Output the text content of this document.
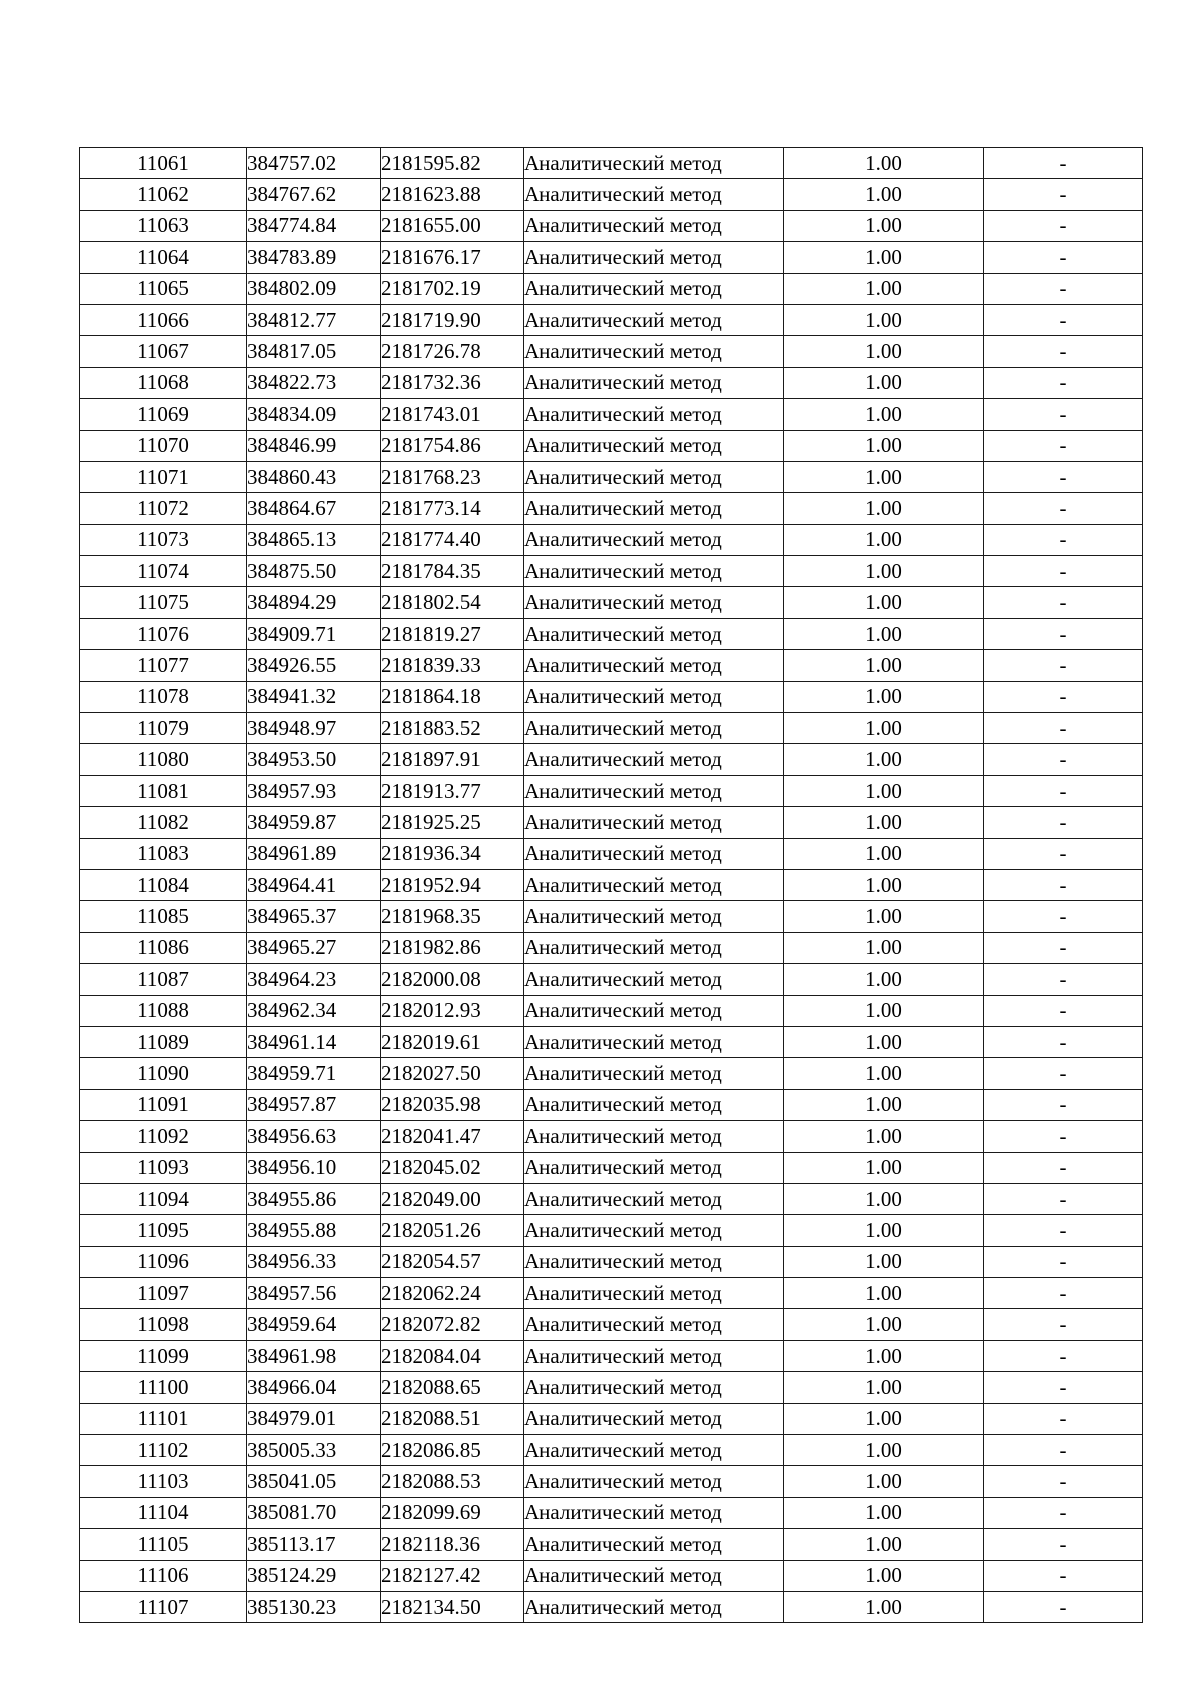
11061	384757.02	2181595.82	Аналитический метод	1.00	-
11062	384767.62	2181623.88	Аналитический метод	1.00	-
11063	384774.84	2181655.00	Аналитический метод	1.00	-
11064	384783.89	2181676.17	Аналитический метод	1.00	-
11065	384802.09	2181702.19	Аналитический метод	1.00	-
11066	384812.77	2181719.90	Аналитический метод	1.00	-
11067	384817.05	2181726.78	Аналитический метод	1.00	-
11068	384822.73	2181732.36	Аналитический метод	1.00	-
11069	384834.09	2181743.01	Аналитический метод	1.00	-
11070	384846.99	2181754.86	Аналитический метод	1.00	-
11071	384860.43	2181768.23	Аналитический метод	1.00	-
11072	384864.67	2181773.14	Аналитический метод	1.00	-
11073	384865.13	2181774.40	Аналитический метод	1.00	-
11074	384875.50	2181784.35	Аналитический метод	1.00	-
11075	384894.29	2181802.54	Аналитический метод	1.00	-
11076	384909.71	2181819.27	Аналитический метод	1.00	-
11077	384926.55	2181839.33	Аналитический метод	1.00	-
11078	384941.32	2181864.18	Аналитический метод	1.00	-
11079	384948.97	2181883.52	Аналитический метод	1.00	-
11080	384953.50	2181897.91	Аналитический метод	1.00	-
11081	384957.93	2181913.77	Аналитический метод	1.00	-
11082	384959.87	2181925.25	Аналитический метод	1.00	-
11083	384961.89	2181936.34	Аналитический метод	1.00	-
11084	384964.41	2181952.94	Аналитический метод	1.00	-
11085	384965.37	2181968.35	Аналитический метод	1.00	-
11086	384965.27	2181982.86	Аналитический метод	1.00	-
11087	384964.23	2182000.08	Аналитический метод	1.00	-
11088	384962.34	2182012.93	Аналитический метод	1.00	-
11089	384961.14	2182019.61	Аналитический метод	1.00	-
11090	384959.71	2182027.50	Аналитический метод	1.00	-
11091	384957.87	2182035.98	Аналитический метод	1.00	-
11092	384956.63	2182041.47	Аналитический метод	1.00	-
11093	384956.10	2182045.02	Аналитический метод	1.00	-
11094	384955.86	2182049.00	Аналитический метод	1.00	-
11095	384955.88	2182051.26	Аналитический метод	1.00	-
11096	384956.33	2182054.57	Аналитический метод	1.00	-
11097	384957.56	2182062.24	Аналитический метод	1.00	-
11098	384959.64	2182072.82	Аналитический метод	1.00	-
11099	384961.98	2182084.04	Аналитический метод	1.00	-
11100	384966.04	2182088.65	Аналитический метод	1.00	-
11101	384979.01	2182088.51	Аналитический метод	1.00	-
11102	385005.33	2182086.85	Аналитический метод	1.00	-
11103	385041.05	2182088.53	Аналитический метод	1.00	-
11104	385081.70	2182099.69	Аналитический метод	1.00	-
11105	385113.17	2182118.36	Аналитический метод	1.00	-
11106	385124.29	2182127.42	Аналитический метод	1.00	-
11107	385130.23	2182134.50	Аналитический метод	1.00	-
